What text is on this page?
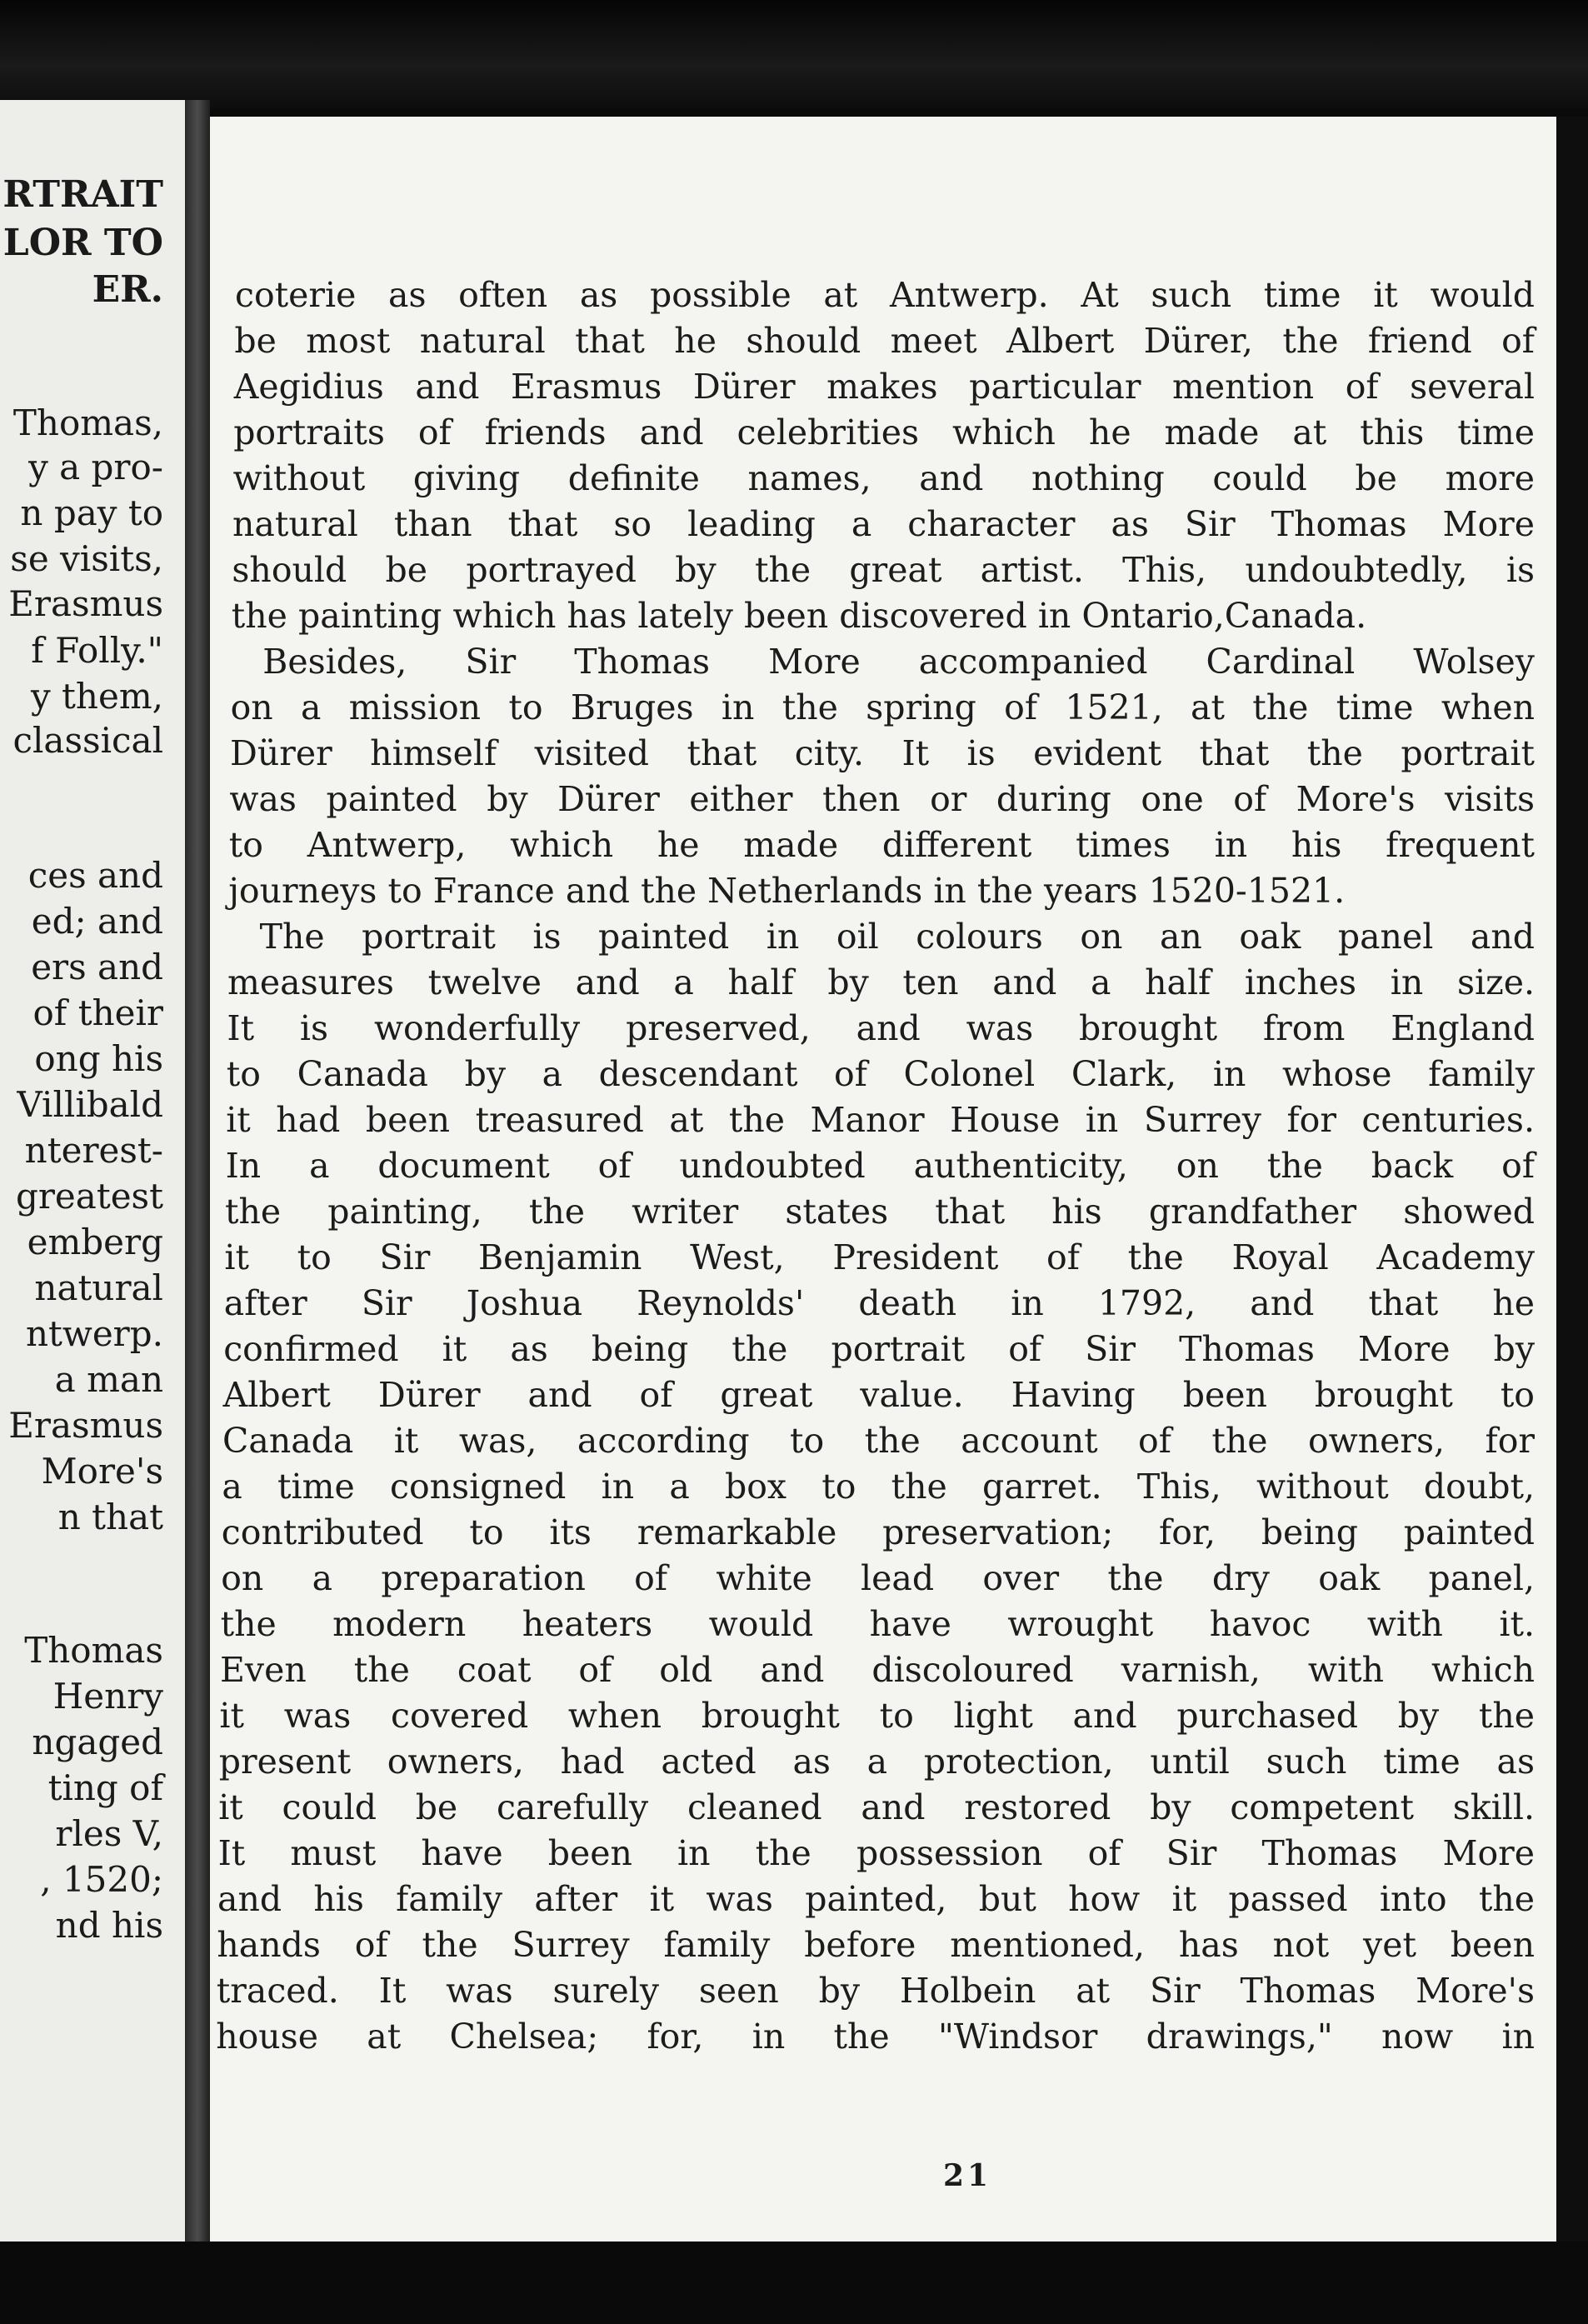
RTRAIT
LOR TO
ER.
Thomas,
y a pro-
n pay to
se visits,
Erasmus
f Folly."
y them,
classical
ces and
ed; and
ers and
of their
ong his
Villibald
nterest-
greatest
emberg
natural
ntwerp.
a man
Erasmus
More's
n that
Thomas
Henry
ngaged
ting of
rles V,
, 1520;
nd his
coterie as often as possible at Antwerp. At such time it would
be most natural that he should meet Albert Dürer, the friend of
Aegidius and Erasmus Dürer makes particular mention of several
portraits of friends and celebrities which he made at this time
without giving definite names, and nothing could be more
natural than that so leading a character as Sir Thomas More
should be portrayed by the great artist. This, undoubtedly, is
the painting which has lately been discovered in Ontario,Canada.
Besides, Sir Thomas More accompanied Cardinal Wolsey
on a mission to Bruges in the spring of 1521, at the time when
Dürer himself visited that city. It is evident that the portrait
was painted by Dürer either then or during one of More's visits
to Antwerp, which he made different times in his frequent
journeys to France and the Netherlands in the years 1520-1521.
The portrait is painted in oil colours on an oak panel and
measures twelve and a half by ten and a half inches in size.
It is wonderfully preserved, and was brought from England
to Canada by a descendant of Colonel Clark, in whose family
it had been treasured at the Manor House in Surrey for centuries.
In a document of undoubted authenticity, on the back of
the painting, the writer states that his grandfather showed
it to Sir Benjamin West, President of the Royal Academy
after Sir Joshua Reynolds' death in 1792, and that he
confirmed it as being the portrait of Sir Thomas More by
Albert Dürer and of great value. Having been brought to
Canada it was, according to the account of the owners, for
a time consigned in a box to the garret. This, without doubt,
contributed to its remarkable preservation; for, being painted
on a preparation of white lead over the dry oak panel,
the modern heaters would have wrought havoc with it.
Even the coat of old and discoloured varnish, with which
it was covered when brought to light and purchased by the
present owners, had acted as a protection, until such time as
it could be carefully cleaned and restored by competent skill.
It must have been in the possession of Sir Thomas More
and his family after it was painted, but how it passed into the
hands of the Surrey family before mentioned, has not yet been
traced. It was surely seen by Holbein at Sir Thomas More's
house at Chelsea; for, in the "Windsor drawings," now in
21
